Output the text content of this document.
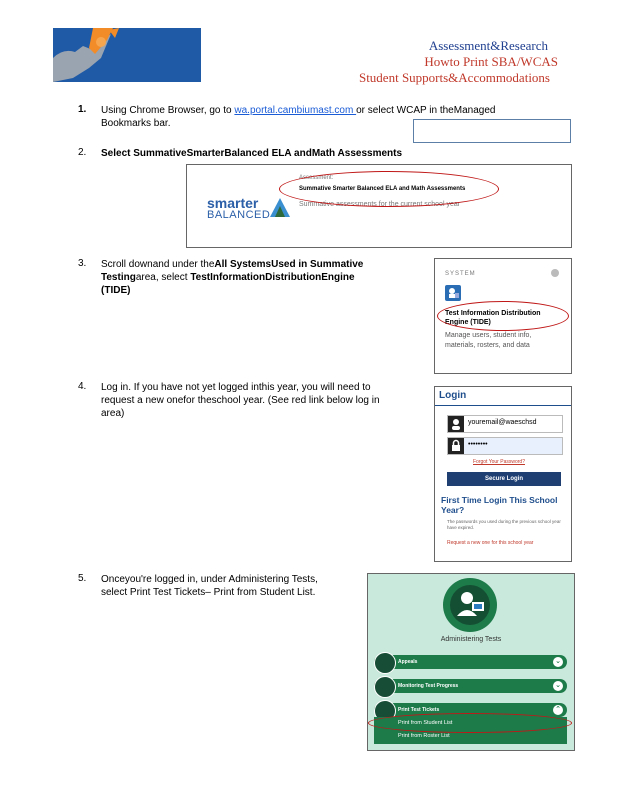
Assessment&Research
Howto Print SBA/WCAS
Student Supports&Accommodations
1. Using Chrome Browser, go to wa.portal.cambiumast.com or select WCAP in theManaged
Bookmarks bar.
2. Select SummativeSmarterBalanced ELA andMath Assessments
smarter
BALANCED
Assessment:
Summative Smarter Balanced ELA and Math Assessments
Summative assessments for the current school year
3. Scroll downand under theAll SystemsUsed in Summative
Testingarea, select TestInformationDistributionEngine
(TIDE)
SYSTEM
Test Information Distribution
Engine (TIDE)
Manage users, student info,
materials, rosters, and data
4. Log in. If you have not yet logged inthis year, you will need to
request a new onefor theschool year. (See red link below log in
area)
Login
youremail@waeschsd
••••••••
Forgot Your Password?
Secure Login
First Time Login This School Year?
The passwords you used during the previous school year have expired.
Request a new one for this school year
5. Onceyou're logged in, under Administering Tests,
select Print Test Tickets– Print from Student List.
Administering Tests
Appeals	⌄
Monitoring Test Progress	⌄
Print Test Tickets	⌃
Print from Student List
Print from Roster List
